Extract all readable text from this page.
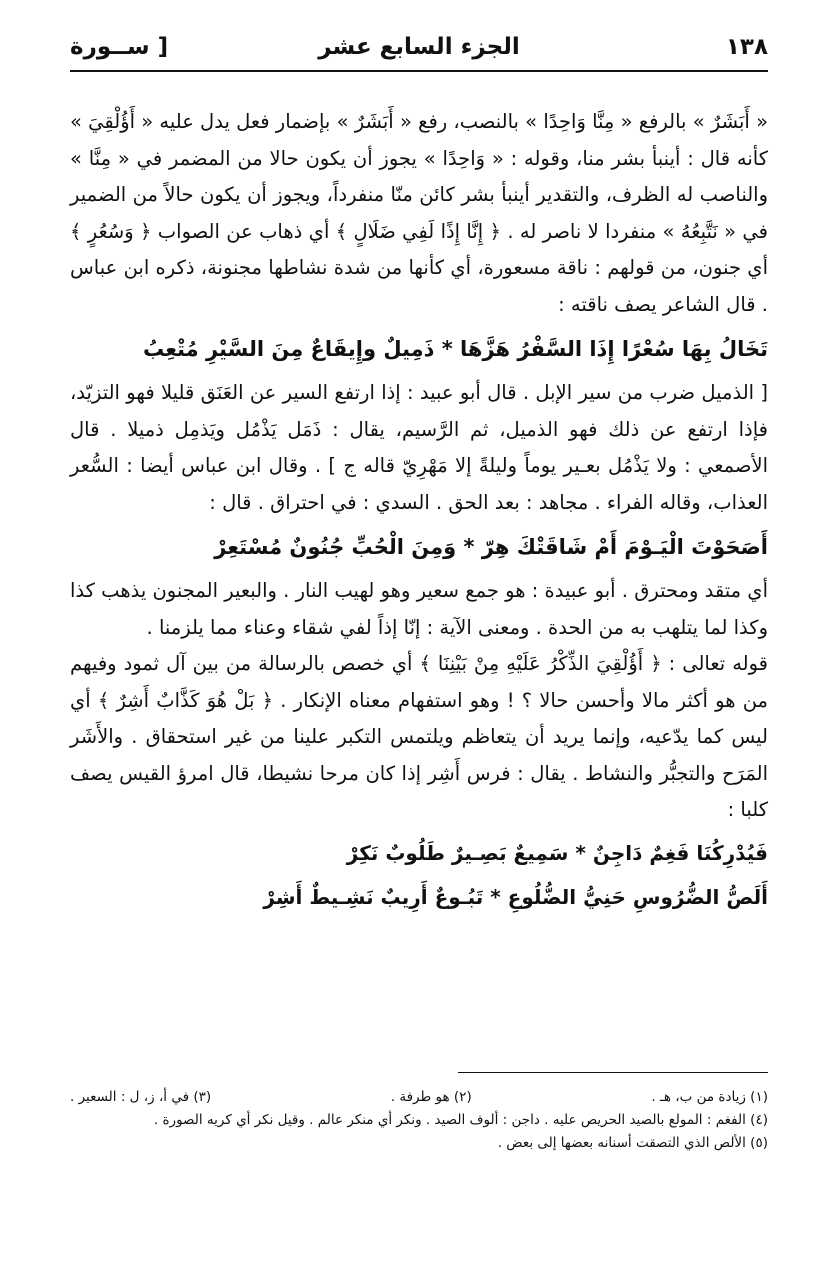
١٣٨
الجزء السابع عشر
[ ســورة

« أَبَشَرٌ » بالرفع « مِنَّا وَاحِدًا » بالنصب، رفع « أَبَشَرٌ » بإضمار فعل يدل عليه « أَؤُلْقِيَ » كأنه قال : أينبأ بشر منا، وقوله : « وَاحِدًا » يجوز أن يكون حالا من المضمر في « مِنَّا » والناصب له الظرف، والتقدير أينبأ بشر كائن منّا منفرداً، ويجوز أن يكون حالاً من الضمير في « نَتَّبِعُهُ » منفردا لا ناصر له . ﴿ إِنَّا إِذًا لَفِي ضَلَالٍ ﴾ أي ذهاب عن الصواب ﴿ وَسُعُرٍ ﴾ أي جنون، من قولهم : ناقة مسعورة، أي كأنها من شدة نشاطها مجنونة، ذكره ابن عباس . قال الشاعر يصف ناقته :

تَخَالُ بِهَا سُعْرًا إِذَا السَّفْرُ هَزَّهَا * ذَمِيلٌ وإِيقَاعٌ مِنَ السَّيْرِ مُتْعِبُ

[ الذميل ضرب من سير الإبل . قال أبو عبيد : إذا ارتفع السير عن العَنَق قليلا فهو التزيّد، فإذا ارتفع عن ذلك فهو الذميل، ثم الرَّسيم، يقال : ذَمَل يَذْمُل ويَذمِل ذميلا . قال الأصمعي : ولا يَذْمُل بعـير يوماً وليلةً إلا مَهْرِيّ قاله ج ] . وقال ابن عباس أيضا : السُّعر العذاب، وقاله الفراء . مجاهد : بعد الحق . السدي : في احتراق . قال :

أَصَحَوْتَ الْيَـوْمَ أَمْ شَاقَتْكَ هِرّ * وَمِنَ الْحُبِّ جُنُونٌ مُسْتَعِرْ

أي متقد ومحترق . أبو عبيدة : هو جمع سعير وهو لهيب النار . والبعير المجنون يذهب كذا وكذا لما يتلهب به من الحدة . ومعنى الآية : إنّا إذاً لفي شقاء وعناء مما يلزمنا .

قوله تعالى : ﴿ أَؤُلْقِيَ الذِّكْرُ عَلَيْهِ مِنْ بَيْنِنَا ﴾ أي خصص بالرسالة من بين آل ثمود وفيهم من هو أكثر مالا وأحسن حالا ؟ ! وهو استفهام معناه الإنكار . ﴿ بَلْ هُوَ كَذَّابٌ أَشِرٌ ﴾ أي ليس كما يدّعيه، وإنما يريد أن يتعاظم ويلتمس التكبر علينا من غير استحقاق . والأَشَر المَرَح والتجبُّر والنشاط . يقال : فرس أَشِر إذا كان مرحا نشيطا، قال امرؤ القيس يصف كلبا :

فَيُدْرِكُنَا فَغِمٌ دَاجِنٌ * سَمِيعٌ بَصِـيرٌ طَلُوبٌ نَكِرْ

أَلَصُّ الضُّرُوسِ حَنِيُّ الضُّلُوعِ * تَبُـوعٌ أَرِيبٌ نَشِـيطٌ أَشِرْ

(١) زيادة من ب، هـ .
(٢) هو طرفة .
(٣) في أ، ز، ل : السعير .

(٤) الفغم : المولع بالصيد الحريص عليه . داجن : ألوف الصيد . ونكر أي منكر عالم . وقيل نكر أي كريه الصورة .

(٥) الألص الذي التصقت أسنانه بعضها إلى بعض .
